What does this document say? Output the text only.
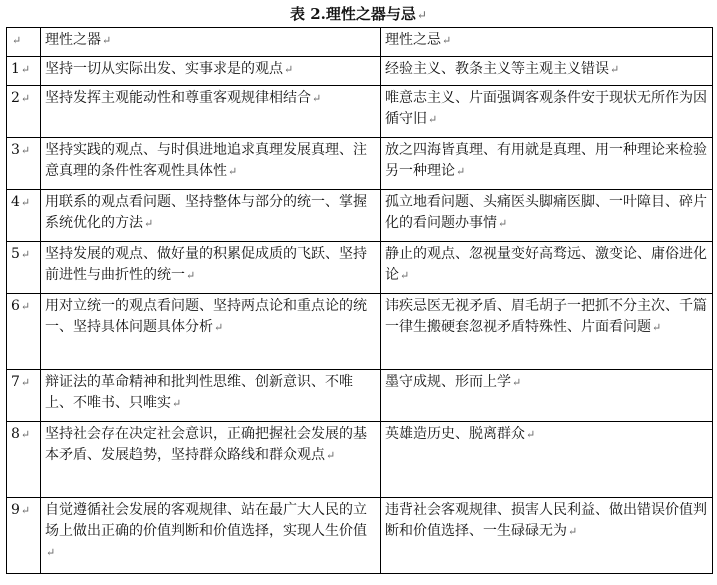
表 2.理性之器与忌↵
↵	理性之器↵	理性之忌↵
1↵	坚持一切从实际出发、实事求是的观点↵	经验主义、教条主义等主观主义错误↵
2↵	坚持发挥主观能动性和尊重客观规律相结合↵	唯意志主义、片面强调客观条件安于现状无所作为因循守旧↵
3↵	坚持实践的观点、与时俱进地追求真理发展真理、注意真理的条件性客观性具体性↵	放之四海皆真理、有用就是真理、用一种理论来检验另一种理论↵
4↵	用联系的观点看问题、坚持整体与部分的统一、掌握系统优化的方法↵	孤立地看问题、头痛医头脚痛医脚、一叶障目、碎片化的看问题办事情↵
5↵	坚持发展的观点、做好量的积累促成质的飞跃、坚持前进性与曲折性的统一↵	静止的观点、忽视量变好高骛远、激变论、庸俗进化论↵
6↵	用对立统一的观点看问题、坚持两点论和重点论的统一、坚持具体问题具体分析↵	讳疾忌医无视矛盾、眉毛胡子一把抓不分主次、千篇一律生搬硬套忽视矛盾特殊性、片面看问题↵
7↵	辩证法的革命精神和批判性思维、创新意识、不唯上、不唯书、只唯实↵	墨守成规、形而上学↵
8↵	坚持社会存在决定社会意识，正确把握社会发展的基本矛盾、发展趋势，坚持群众路线和群众观点↵	英雄造历史、脱离群众↵
9↵	自觉遵循社会发展的客观规律、站在最广大人民的立场上做出正确的价值判断和价值选择，实现人生价值↵	违背社会客观规律、损害人民利益、做出错误价值判断和价值选择、一生碌碌无为↵
